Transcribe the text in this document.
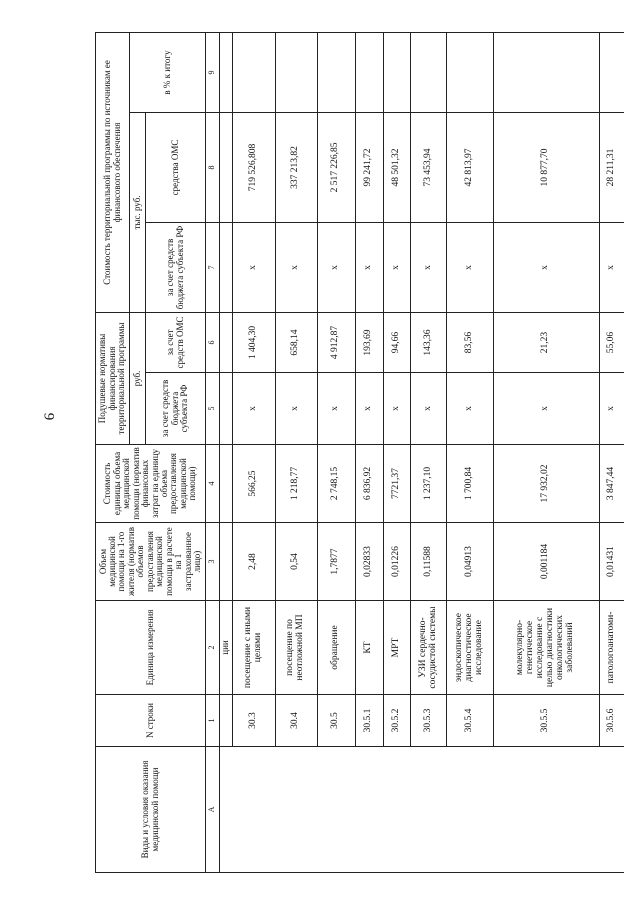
9
Виды и условия оказания медицинской помощи	N строки	Единица измерения	Объем медицинской помощи на 1-го жителя (норматив объемов предоставления медицинской помощи в расчете на 1 застрахованное лицо)	Стоимость единицы объема медицинской помощи (норматив финансовых затрат на единицу объема предоставления медицинской помощи)	Подушевые нормативы финансирования территориальной программы		Стоимость территориальной программы по источникам ее финансового обеспечения		
					руб.		тыс. руб.		в % к итогу
					за счет средств бюджета субъекта РФ	за счет средств ОМС	за счет средств бюджета субъекта РФ	средства ОМС	
A	1	2	3	4	5	6	7	8	9
		ции							
	30.3	посещение с иными целями	2,48	566,25	х	1 404,30	х	719 526,808	
	30.4	посещение по неотложной МП	0,54	1 218,77	х	658,14	х	337 213,82	
	30.5	обращение	1,7877	2 748,15	х	4 912,87	х	2 517 226,85	
	30.5.1	КТ	0,02833	6 836,92	х	193,69	х	99 241,72	
	30.5.2	МРТ	0,01226	7721,37	х	94,66	х	48 501,32	
	30.5.3	УЗИ сердечно-сосудистой системы	0,11588	1 237,10	х	143,36	х	73 453,94	
	30.5.4	эндоскопическое диагностическое исследование	0,04913	1 700,84	х	83,56	х	42 813,97	
	30.5.5	молекулярно-генетическое исследование с целью диагностики онкологических заболеваний	0,001184	17 932,02	х	21,23	х	10 877,70	
	30.5.6	патологоанатоми-	0,01431	3 847,44	х	55,06	х	28 211,31	
